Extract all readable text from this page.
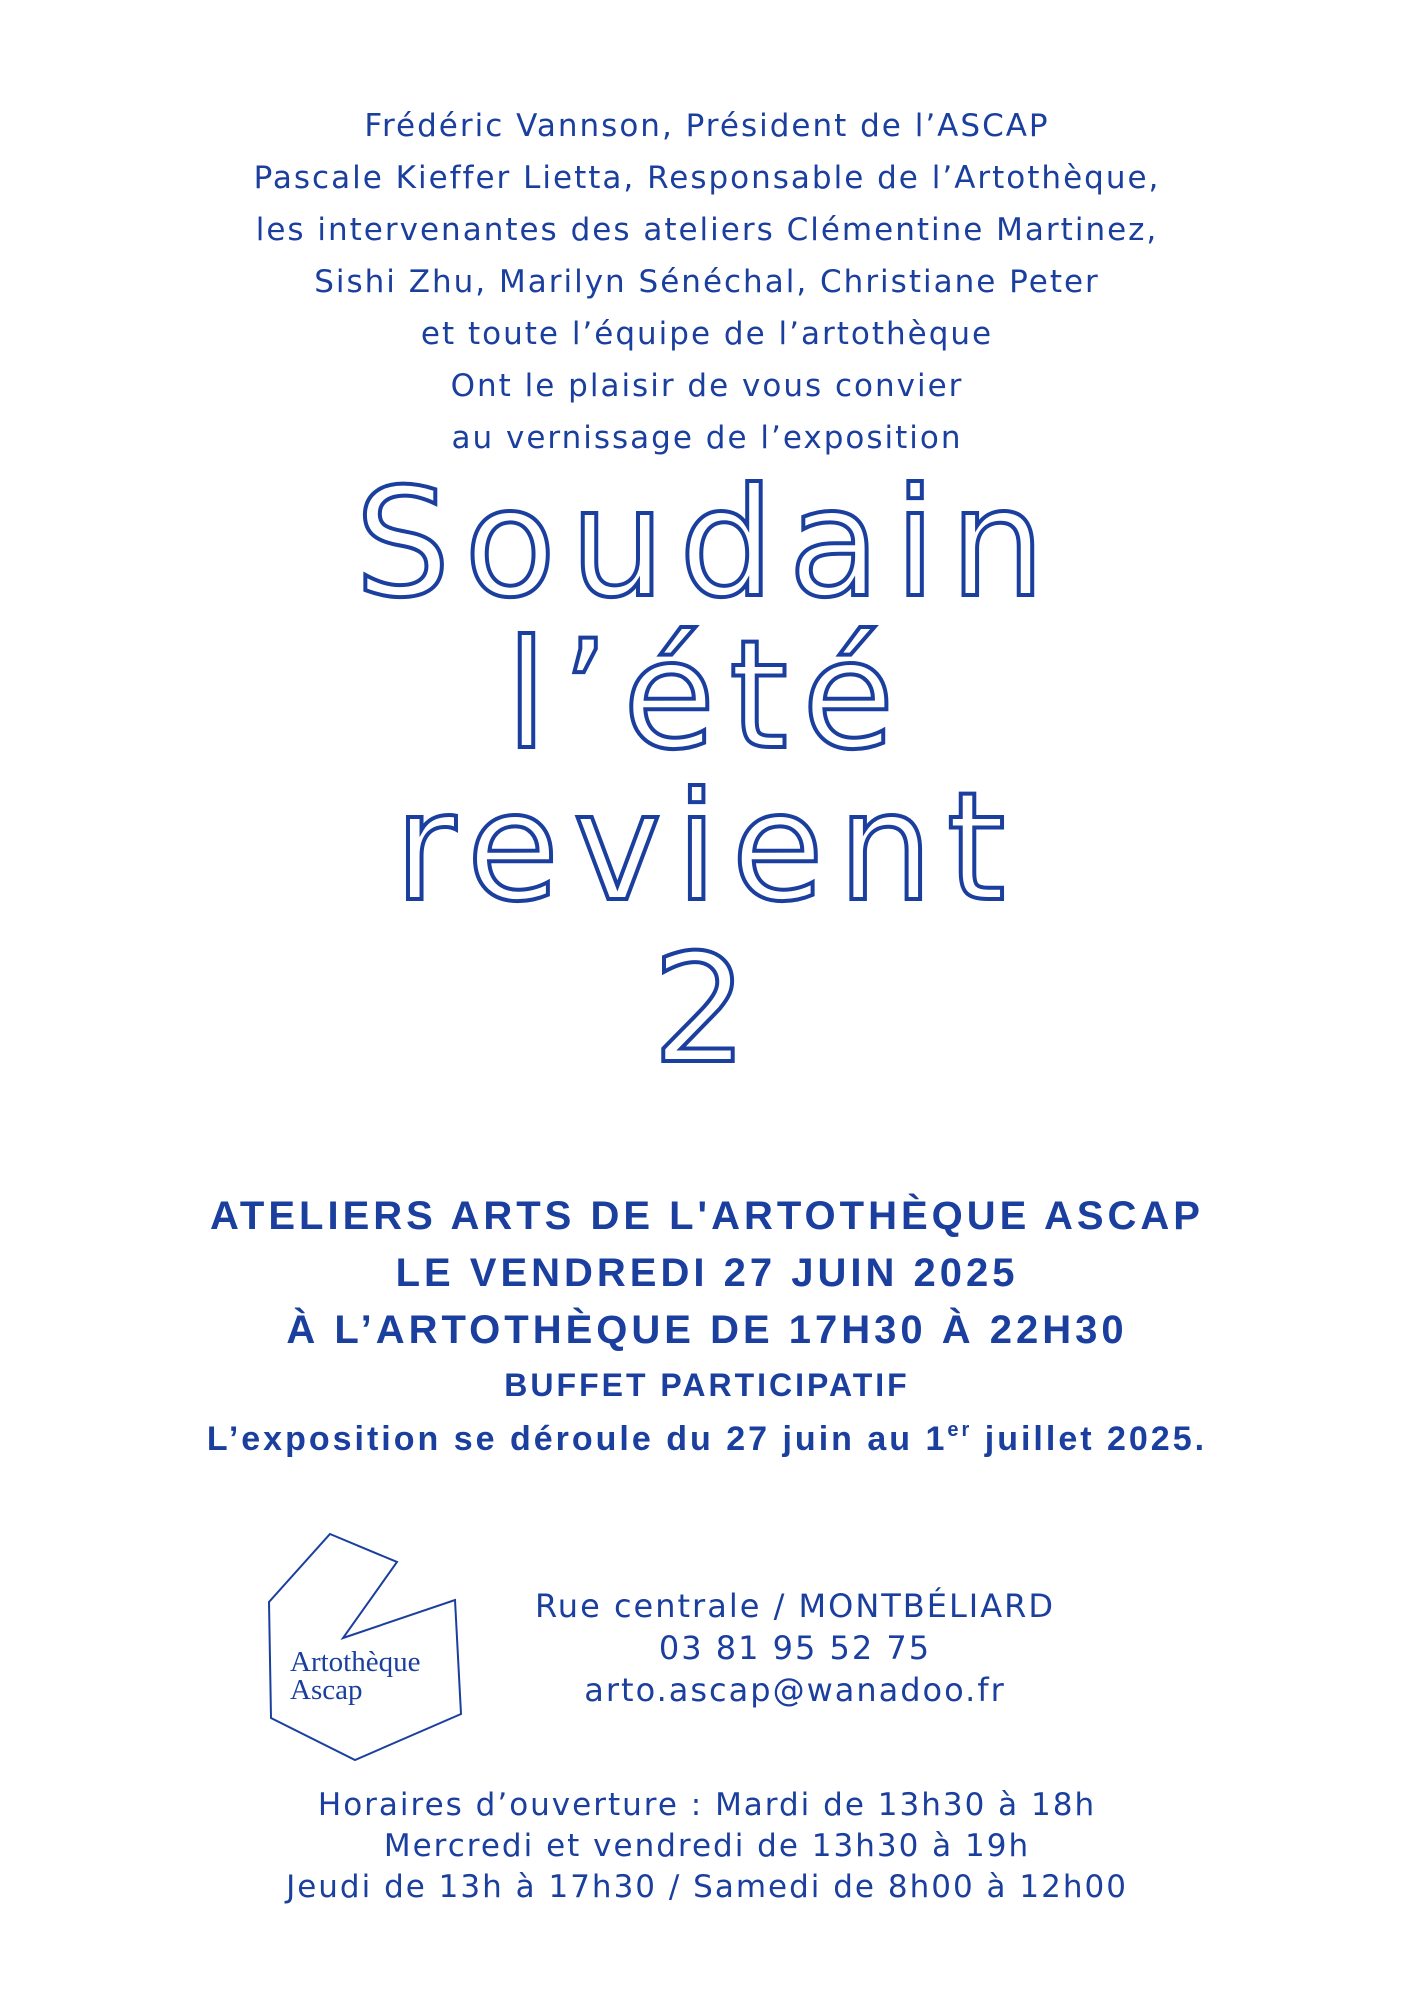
Frédéric Vannson, Président de l’ASCAP
Pascale Kieffer Lietta, Responsable de l’Artothèque,
les intervenantes des ateliers Clémentine Martinez,
Sishi Zhu, Marilyn Sénéchal, Christiane Peter
et toute l’équipe de l’artothèque
Ont le plaisir de vous convier
au vernissage de l’exposition
Soudain
l’été
revient
2
ATELIERS ARTS DE L'ARTOTHÈQUE ASCAP
LE VENDREDI 27 JUIN 2025
À L’ARTOTHÈQUE DE 17H30 À 22H30
BUFFET PARTICIPATIF
L’exposition se déroule du 27 juin au 1er juillet 2025.
Artothèque
Ascap
Rue centrale / MONTBÉLIARD
03 81 95 52 75
arto.ascap@wanadoo.fr
Horaires d’ouverture : Mardi de 13h30 à 18h
Mercredi et vendredi de 13h30 à 19h
Jeudi de 13h à 17h30 / Samedi de 8h00 à 12h00
